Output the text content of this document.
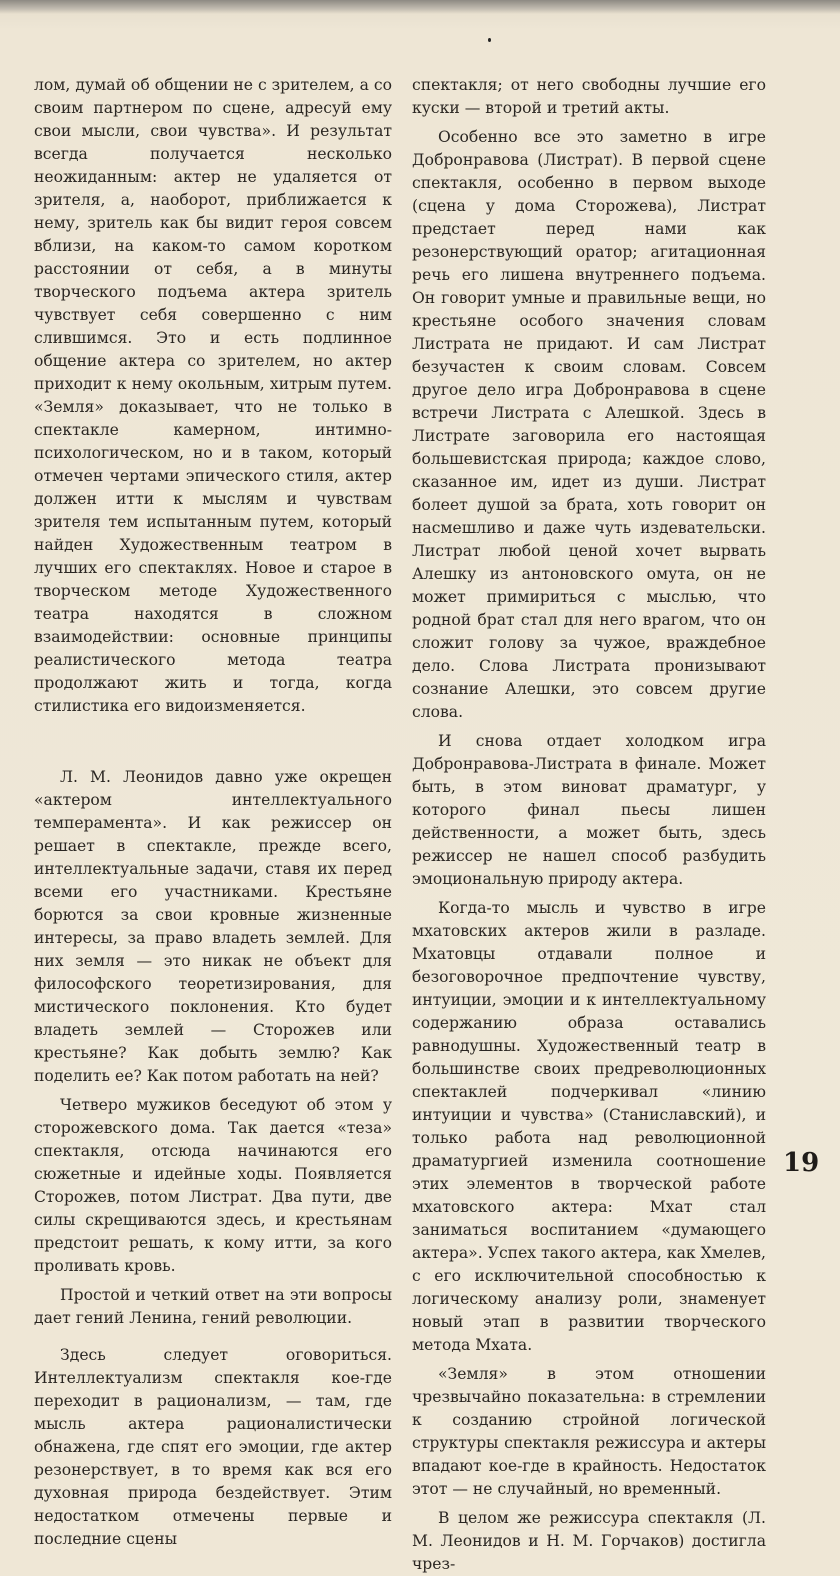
лом, думай об общении не с зрителем, а со своим партнером по сцене, адресуй ему свои мысли, свои чувства». И результат всегда получается несколько неожиданным: актер не удаляется от зрителя, а, наоборот, приближается к нему, зритель как бы видит героя совсем вблизи, на каком-то самом коротком расстоянии от себя, а в минуты творческого подъема актера зритель чувствует себя совершенно с ним слившимся. Это и есть подлинное общение актера со зрителем, но актер приходит к нему окольным, хитрым путем. «Земля» доказывает, что не только в спектакле камерном, интимно-психологическом, но и в таком, который отмечен чертами эпического стиля, актер должен итти к мыслям и чувствам зрителя тем испытанным путем, который найден Художественным театром в лучших его спектаклях. Новое и старое в творческом методе Художественного театра находятся в сложном взаимодействии: основные принципы реалистического метода театра продолжают жить и тогда, когда стилистика его видоизменяется.

Л. М. Леонидов давно уже окрещен «актером интеллектуального темперамента». И как режиссер он решает в спектакле, прежде всего, интеллектуальные задачи, ставя их перед всеми его участниками. Крестьяне борются за свои кровные жизненные интересы, за право владеть землей. Для них земля — это никак не объект для философского теоретизирования, для мистического поклонения. Кто будет владеть землей — Сторожев или крестьяне? Как добыть землю? Как поделить ее? Как потом работать на ней?

Четверо мужиков беседуют об этом у сторожевского дома. Так дается «теза» спектакля, отсюда начинаются его сюжетные и идейные ходы. Появляется Сторожев, потом Листрат. Два пути, две силы скрещиваются здесь, и крестьянам предстоит решать, к кому итти, за кого проливать кровь.

Простой и четкий ответ на эти вопросы дает гений Ленина, гений революции.

Здесь следует оговориться. Интеллектуализм спектакля кое-где переходит в рационализм, — там, где мысль актера рационалистически обнажена, где спят его эмоции, где актер резонерствует, в то время как вся его духовная природа бездействует. Этим недостатком отмечены первые и последние сцены

спектакля; от него свободны лучшие его куски — второй и третий акты.

Особенно все это заметно в игре Добронравова (Листрат). В первой сцене спектакля, особенно в первом выходе (сцена у дома Сторожева), Листрат предстает перед нами как резонерствующий оратор; агитационная речь его лишена внутреннего подъема. Он говорит умные и правильные вещи, но крестьяне особого значения словам Листрата не придают. И сам Листрат безучастен к своим словам. Совсем другое дело игра Добронравова в сцене встречи Листрата с Алешкой. Здесь в Листрате заговорила его настоящая большевистская природа; каждое слово, сказанное им, идет из души. Листрат болеет душой за брата, хоть говорит он насмешливо и даже чуть издевательски. Листрат любой ценой хочет вырвать Алешку из антоновского омута, он не может примириться с мыслью, что родной брат стал для него врагом, что он сложит голову за чужое, враждебное дело. Слова Листрата пронизывают сознание Алешки, это совсем другие слова.

И снова отдает холодком игра Добронравова-Листрата в финале. Может быть, в этом виноват драматург, у которого финал пьесы лишен действенности, а может быть, здесь режиссер не нашел способ разбудить эмоциональную природу актера.

Когда-то мысль и чувство в игре мхатовских актеров жили в разладе. Мхатовцы отдавали полное и безоговорочное предпочтение чувству, интуиции, эмоции и к интеллектуальному содержанию образа оставались равнодушны. Художественный театр в большинстве своих предреволюционных спектаклей подчеркивал «линию интуиции и чувства» (Станиславский), и только работа над революционной драматургией изменила соотношение этих элементов в творческой работе мхатовского актера: Мхат стал заниматься воспитанием «думающего актера». Успех такого актера, как Хмелев, с его исключительной способностью к логическому анализу роли, знаменует новый этап в развитии творческого метода Мхата.

«Земля» в этом отношении чрезвычайно показательна: в стремлении к созданию стройной логической структуры спектакля режиссура и актеры впадают кое-где в крайность. Недостаток этот — не случайный, но временный.

В целом же режиссура спектакля (Л. М. Леонидов и Н. М. Горчаков) достигла чрез-

19
